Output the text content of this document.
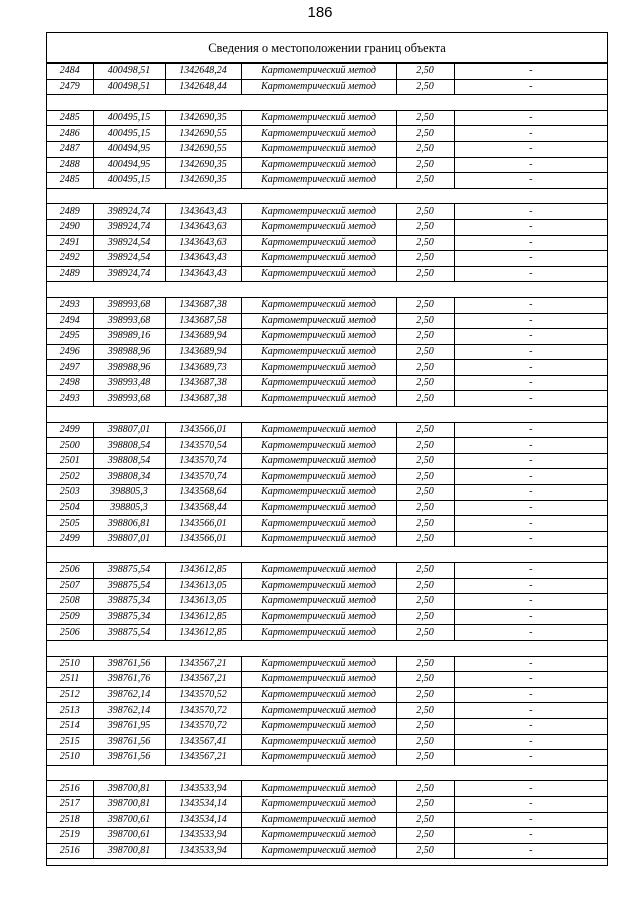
186
Сведения о местоположении границ объекта
2484	400498,51	1342648,24	Картометрический метод	2,50	-
2479	400498,51	1342648,44	Картометрический метод	2,50	-

2485	400495,15	1342690,35	Картометрический метод	2,50	-
2486	400495,15	1342690,55	Картометрический метод	2,50	-
2487	400494,95	1342690,55	Картометрический метод	2,50	-
2488	400494,95	1342690,35	Картометрический метод	2,50	-
2485	400495,15	1342690,35	Картометрический метод	2,50	-

2489	398924,74	1343643,43	Картометрический метод	2,50	-
2490	398924,74	1343643,63	Картометрический метод	2,50	-
2491	398924,54	1343643,63	Картометрический метод	2,50	-
2492	398924,54	1343643,43	Картометрический метод	2,50	-
2489	398924,74	1343643,43	Картометрический метод	2,50	-

2493	398993,68	1343687,38	Картометрический метод	2,50	-
2494	398993,68	1343687,58	Картометрический метод	2,50	-
2495	398989,16	1343689,94	Картометрический метод	2,50	-
2496	398988,96	1343689,94	Картометрический метод	2,50	-
2497	398988,96	1343689,73	Картометрический метод	2,50	-
2498	398993,48	1343687,38	Картометрический метод	2,50	-
2493	398993,68	1343687,38	Картометрический метод	2,50	-

2499	398807,01	1343566,01	Картометрический метод	2,50	-
2500	398808,54	1343570,54	Картометрический метод	2,50	-
2501	398808,54	1343570,74	Картометрический метод	2,50	-
2502	398808,34	1343570,74	Картометрический метод	2,50	-
2503	398805,3	1343568,64	Картометрический метод	2,50	-
2504	398805,3	1343568,44	Картометрический метод	2,50	-
2505	398806,81	1343566,01	Картометрический метод	2,50	-
2499	398807,01	1343566,01	Картометрический метод	2,50	-

2506	398875,54	1343612,85	Картометрический метод	2,50	-
2507	398875,54	1343613,05	Картометрический метод	2,50	-
2508	398875,34	1343613,05	Картометрический метод	2,50	-
2509	398875,34	1343612,85	Картометрический метод	2,50	-
2506	398875,54	1343612,85	Картометрический метод	2,50	-

2510	398761,56	1343567,21	Картометрический метод	2,50	-
2511	398761,76	1343567,21	Картометрический метод	2,50	-
2512	398762,14	1343570,52	Картометрический метод	2,50	-
2513	398762,14	1343570,72	Картометрический метод	2,50	-
2514	398761,95	1343570,72	Картометрический метод	2,50	-
2515	398761,56	1343567,41	Картометрический метод	2,50	-
2510	398761,56	1343567,21	Картометрический метод	2,50	-

2516	398700,81	1343533,94	Картометрический метод	2,50	-
2517	398700,81	1343534,14	Картометрический метод	2,50	-
2518	398700,61	1343534,14	Картометрический метод	2,50	-
2519	398700,61	1343533,94	Картометрический метод	2,50	-
2516	398700,81	1343533,94	Картометрический метод	2,50	-
